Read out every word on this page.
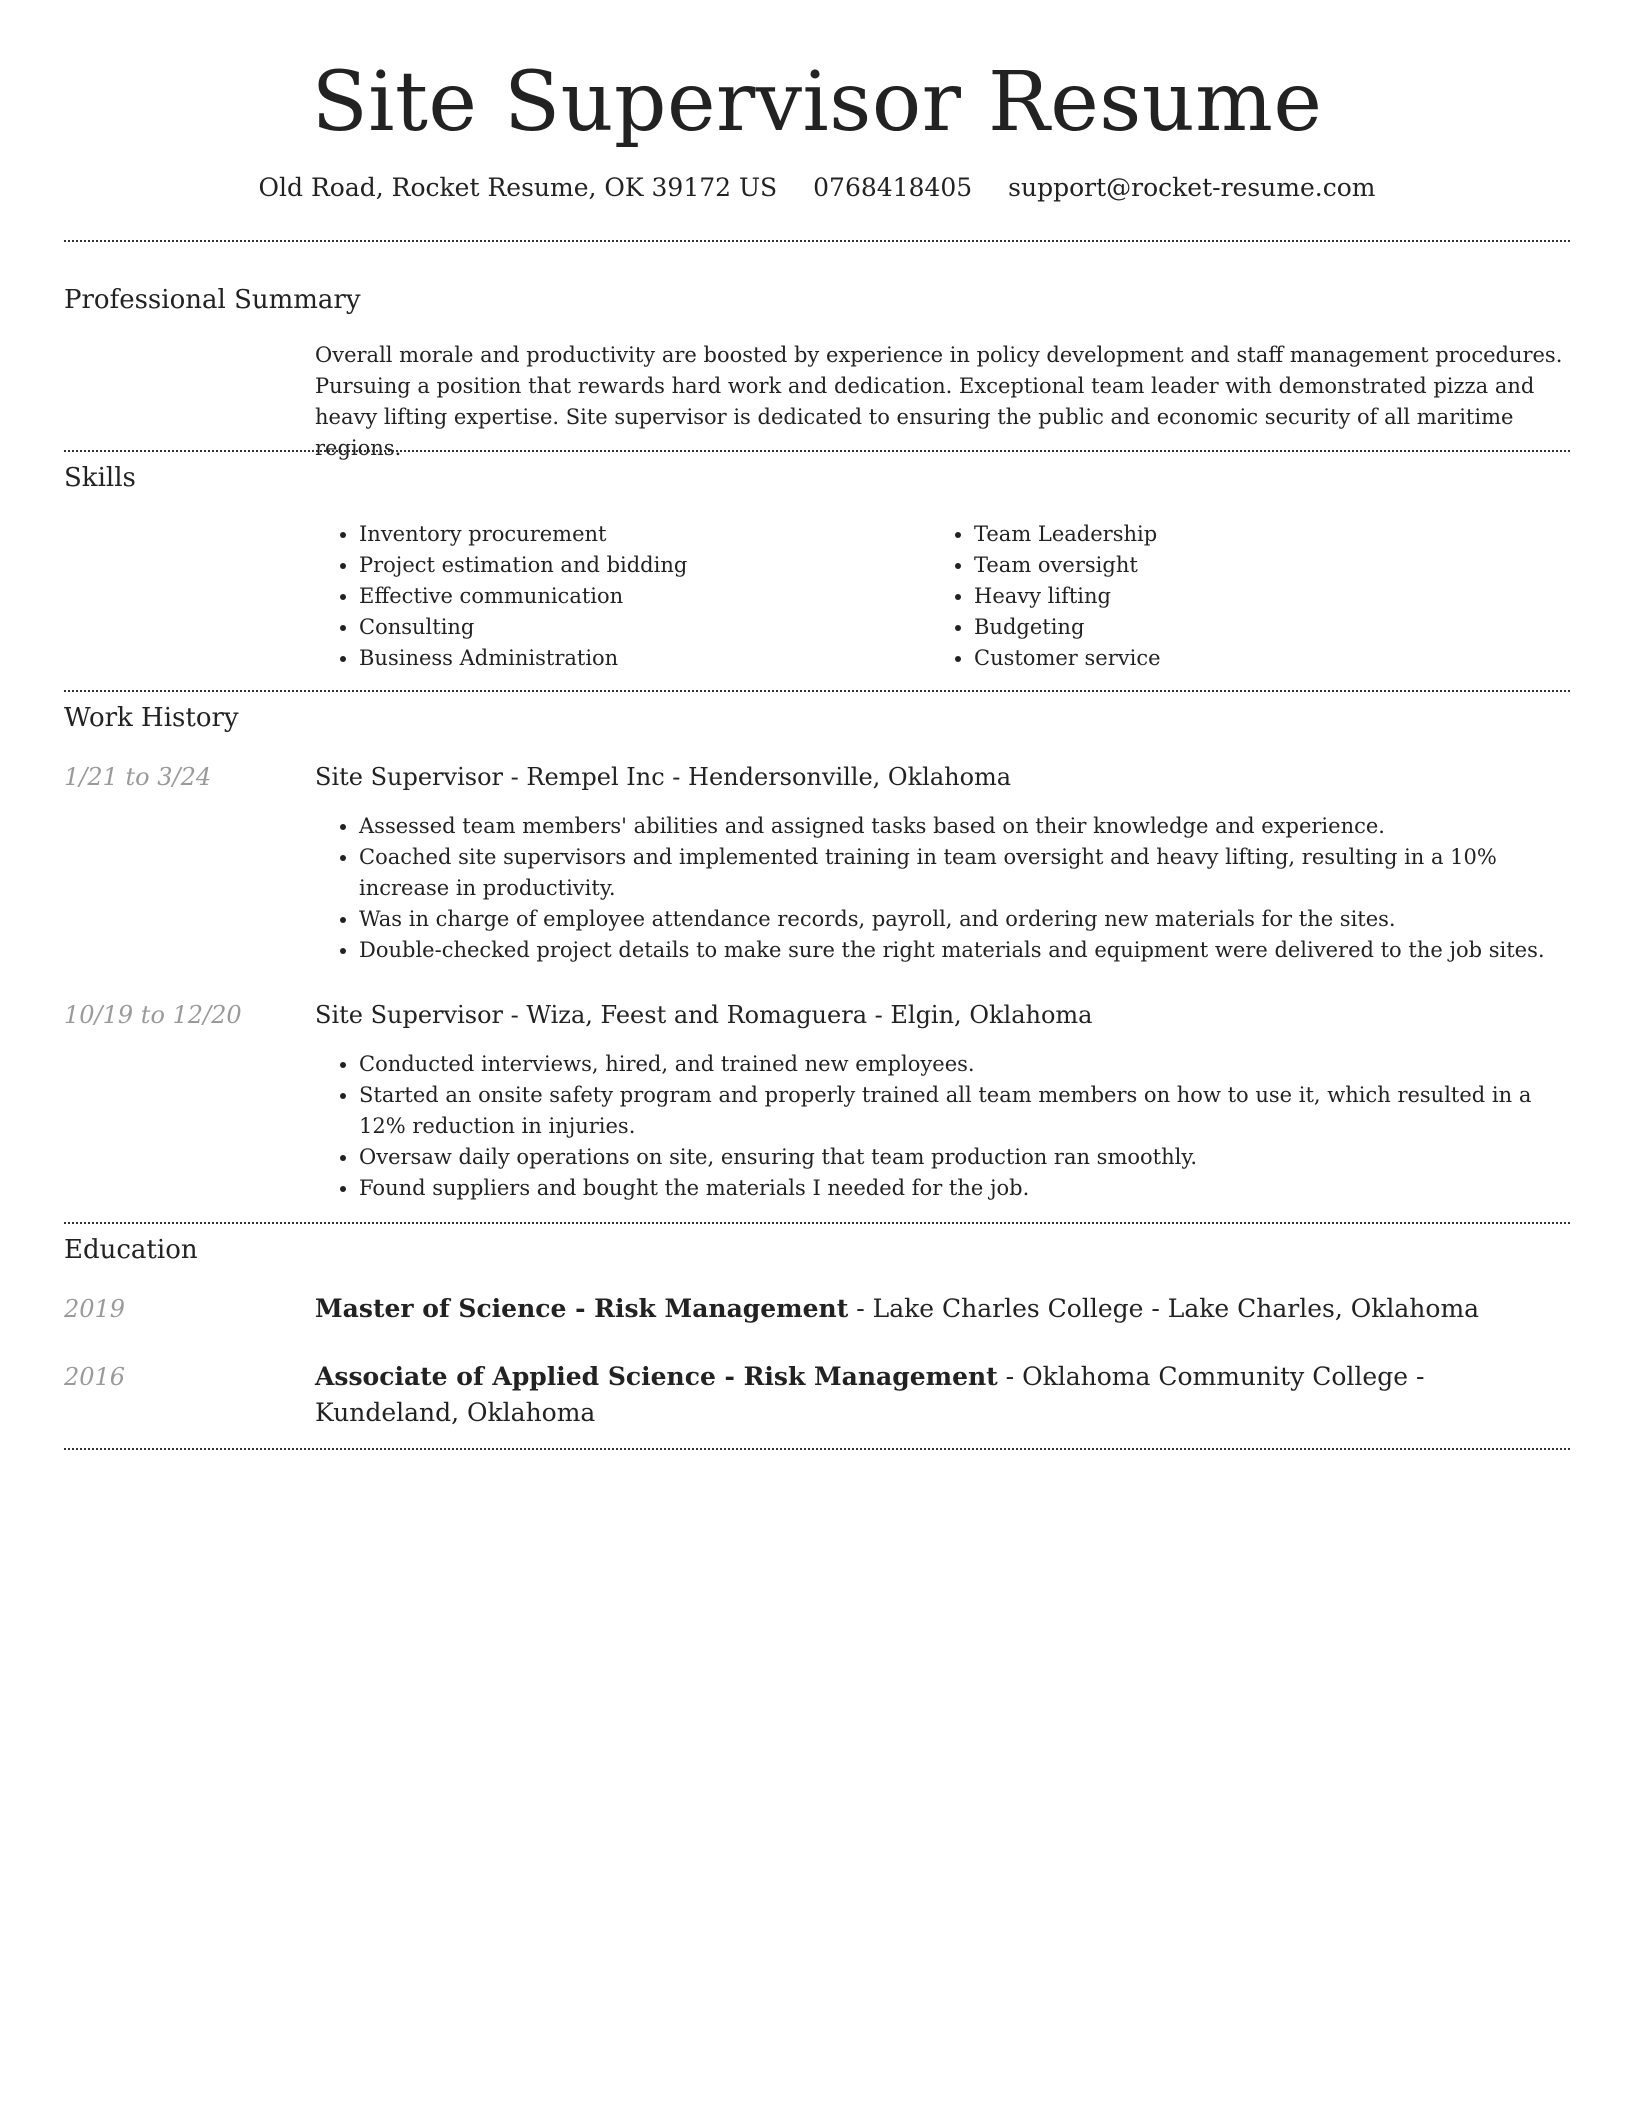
Site Supervisor Resume
Old Road, Rocket Resume, OK 39172 US 0768418405 support@rocket-resume.com
Professional Summary
Overall morale and productivity are boosted by experience in policy development and staff management procedures. Pursuing a position that rewards hard work and dedication. Exceptional team leader with demonstrated pizza and heavy lifting expertise. Site supervisor is dedicated to ensuring the public and economic security of all maritime regions.
Skills
• Inventory procurement
• Project estimation and bidding
• Effective communication
• Consulting
• Business Administration
• Team Leadership
• Team oversight
• Heavy lifting
• Budgeting
• Customer service
Work History
1/21 to 3/24	Site Supervisor - Rempel Inc - Hendersonville, Oklahoma
• Assessed team members' abilities and assigned tasks based on their knowledge and experience.
• Coached site supervisors and implemented training in team oversight and heavy lifting, resulting in a 10% increase in productivity.
• Was in charge of employee attendance records, payroll, and ordering new materials for the sites.
• Double-checked project details to make sure the right materials and equipment were delivered to the job sites.
10/19 to 12/20	Site Supervisor - Wiza, Feest and Romaguera - Elgin, Oklahoma
• Conducted interviews, hired, and trained new employees.
• Started an onsite safety program and properly trained all team members on how to use it, which resulted in a 12% reduction in injuries.
• Oversaw daily operations on site, ensuring that team production ran smoothly.
• Found suppliers and bought the materials I needed for the job.
Education
2019	Master of Science - Risk Management - Lake Charles College - Lake Charles, Oklahoma
2016	Associate of Applied Science - Risk Management - Oklahoma Community College - Kundeland, Oklahoma
